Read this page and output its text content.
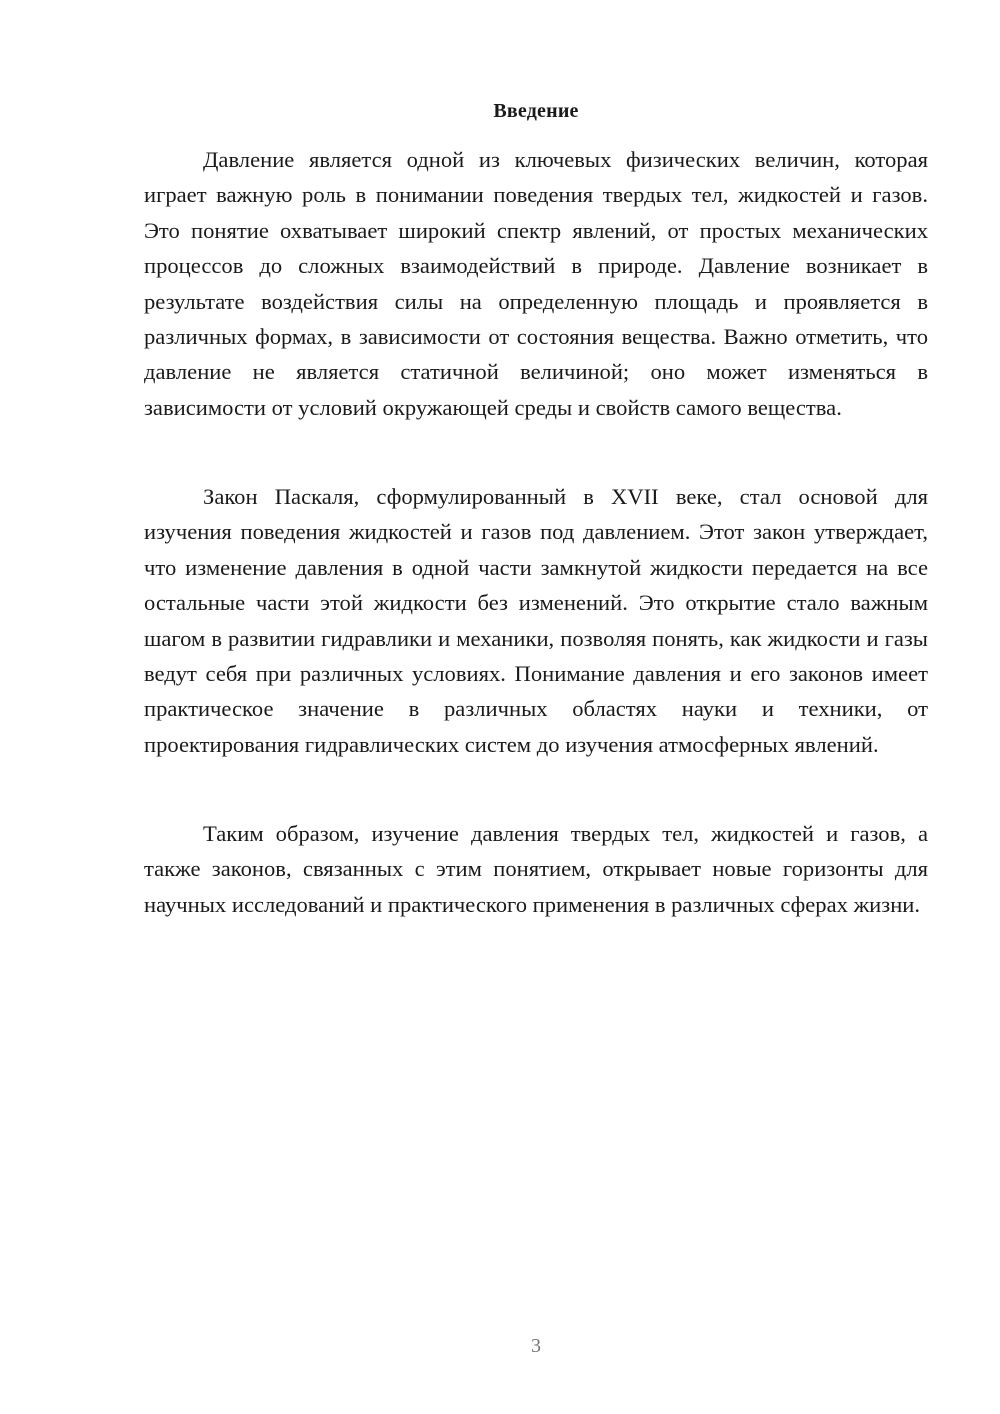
Введение

Давление является одной из ключевых физических величин, которая играет важную роль в понимании поведения твердых тел, жидкостей и газов. Это понятие охватывает широкий спектр явлений, от простых механических процессов до сложных взаимодействий в природе. Давление возникает в результате воздействия силы на определенную площадь и проявляется в различных формах, в зависимости от состояния вещества. Важно отметить, что давление не является статичной величиной; оно может изменяться в зависимости от условий окружающей среды и свойств самого вещества.

Закон Паскаля, сформулированный в XVII веке, стал основой для изучения поведения жидкостей и газов под давлением. Этот закон утверждает, что изменение давления в одной части замкнутой жидкости передается на все остальные части этой жидкости без изменений. Это открытие стало важным шагом в развитии гидравлики и механики, позволяя понять, как жидкости и газы ведут себя при различных условиях. Понимание давления и его законов имеет практическое значение в различных областях науки и техники, от проектирования гидравлических систем до изучения атмосферных явлений.

Таким образом, изучение давления твердых тел, жидкостей и газов, а также законов, связанных с этим понятием, открывает новые горизонты для научных исследований и практического применения в различных сферах жизни.

3
